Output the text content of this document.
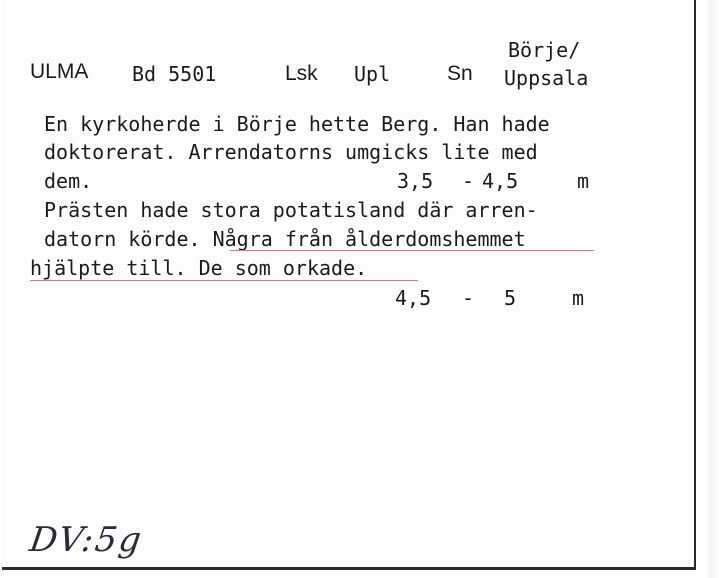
ULMA Bd 5501	Lsk Upl	Sn
Börje/
Uppsala
En kyrkoherde i Börje hette Berg. Han hade
doktorerat. Arrendatorns umgicks lite med
dem.	3,5 - 4,5	m
Prästen hade stora potatisland där arren-
datorn körde. Några från ålderdomshemmet
hjälpte till. De som orkade.
4,5 - 5	m
DV:5g
